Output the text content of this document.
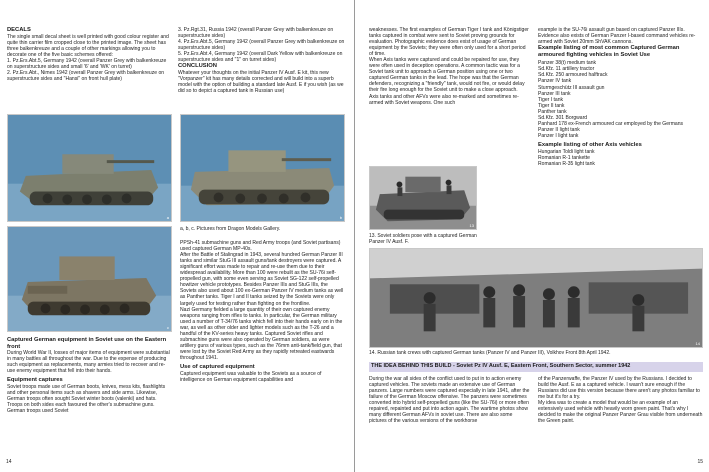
DECALS

The single small decal sheet is well printed with good colour register and quite thin carrier film cropped close to the printed image. The sheet has three balkenkreuze and a couple of other markings allowing you to decorate one of the five basic schemes offered:

1. Pz.Ers.Abt.5, Germany 1942 (overall Panzer Grey with balkenkreuze on superstructure sides and small '6' and 'WK' on turret)

2. Pz.Ers.Abt., Nimes 1942 (overall Panzer Grey with balkenkreuze on superstructure sides and "Hansi" on front hull plate)

3. Pz.Rgt.31, Russia 1942 (overall Panzer Grey with balkenkreuze on superstructure sides)

4. Pz.Ers.Abt.5, Germany 1942 (overall Panzer Grey with balkenkreuze on superstructure sides)

5. Pz.Ers.Abt.4, Germany 1942 (overall Dark Yellow with balkenkreuze on superstructure sides and "1" on turret sides)

CONCLUSION

Whatever your thoughts on the initial Panzer IV Ausf. E kit, this new "Vorpanzer" kit has many details corrected and will build into a superb model with the option of building a standard late Ausf. E if you wish (as we did so to depict a captured tank in Russian use)

a	b
c

Captured German equipment in Soviet use on the Eastern front

During World War II, losses of major items of equipment were substantial in many battles all throughout the war. Due to the expense of producing such equipment as replacements, many armies tried to recover and re-use enemy equipment that fell into their hands.

Equipment captures

Soviet troops made use of German boots, knives, mess kits, flashlights and other personal items such as shavers and side arms. Likewise, German troops often sought Soviet winter boots (valenki) and hats. Troops on both sides each favoured the other's submachine guns. German troops used Soviet

a, b, c. Pictures from Dragon Models Gallery.

PPSh-41 submachine guns and Red Army troops (and Soviet partisans) used captured German MP-40s.
After the Battle of Stalingrad in 1943, several hundred German Panzer III tanks and similar StuG III assault guns/tank destroyers were captured. A significant effort was made to repair and re-use them due to their widespread availability. More than 100 were rebuilt as the SU-76i self-propelled gun, with some even serving as Soviet SG-122 self-propelled howitzer vehicle prototypes. Besides Panzer IIIs and StuG IIIs, the Soviets also used about 100 ex-German Panzer IV medium tanks as well as Panther tanks. Tiger I and II tanks seized by the Soviets were only largely used for testing rather than fighting on the frontline.
Nazi Germany fielded a large quantity of their own captured enemy weapons ranging from rifles to tanks. In particular, the German military used a number of T-34/76 tanks which fell into their hands early on in the war, as well as other older and lighter models such as the T-26 and a handful of the KV-series heavy tanks. Captured Soviet rifles and submachine guns were also operated by German soldiers, as were artillery guns of various types, such as the 76mm anti-tank/field gun, that were lost by the Soviet Red Army as they rapidly retreated eastwards throughout 1941.

Use of captured equipment

Captured equipment was valuable to the Soviets as a source of intelligence on German equipment capabilities and

14

weaknesses. The first examples of German Tiger I tank and Königstiger tanks captured in combat were sent to Soviet proving grounds for evaluation. Photographic evidence does exist of usage of German equipment by the Soviets; they were often only used for a short period of time.
When Axis tanks were captured and could be repaired for use, they were often used in deception operations. A common tactic was for a Soviet tank unit to approach a German position using one or two captured German tanks in the lead. The hope was that the German defenders, recognizing a "friendly" tank, would not fire, or would delay their fire long enough for the Soviet unit to make a close approach.
Axis tanks and other AFVs were also re-marked and sometimes re-armed with Soviet weapons. One such

example is the SU-76i assault gun based on captured Panzer IIIs. Evidence also exists of German Panzer I-based command vehicles re-armed with Soviet 20mm ShVAK cannons.

Example listing of most common Captured German armoured fighting vehicles in Soviet Use

Panzer 38(t) medium tank

Sd.Kfz. 11 artillery tractor

Sd.Kfz. 250 armoured halftrack

Panzer IV tank

Sturmgeschütz III assault gun

Panzer III tank

Tiger I tank

Tiger II tank

Panther tank

Sd.Kfz. 301 Borgward

Panhard 178 ex-French armoured car employed by the Germans

Panzer II light tank

Panzer I light tank

Example listing of other Axis vehicles

Hungarian Toldi light tank

Romanian R-1 tankette

Romanian R-35 light tank

13

13. Soviet soldiers pose with a captured German Panzer IV Ausf. F.

14

14. Russian tank crews with captured German tanks (Panzer IV and Panzer III), Volkhov Front 8th April 1942.

THE IDEA BEHIND THIS BUILD - Soviet Pz IV Ausf. E, Eastern Front, Southern Sector, summer 1942

During the war all sides of the conflict used to put in to action enemy captured vehicles. The soviets made an extensive use of German panzers. Large numbers were captured especially in late 1941, after the failure of the German Moscow offensive. The panzers were sometimes converted into hybrid self-propelled guns (like the SU-76i) or more often repaired, repainted and put into action again. The wartime photos show many different German AFVs in soviet use. There are also some pictures of the various versions of the workhorse

of the Panzerwaffe, the Panzer IV used by the Russians. I decided to build the Ausf. E as a captured vehicle. I wasn't sure enough if the Russians did use this version because there aren't any photos familiar to me but it's for a try.
My idea was to create a model that would be an example of an extensively used vehicle with heavily worn green paint. That's why I decided to make the original Panzer Panzer Grau visible from underneath the Green paint.

15
